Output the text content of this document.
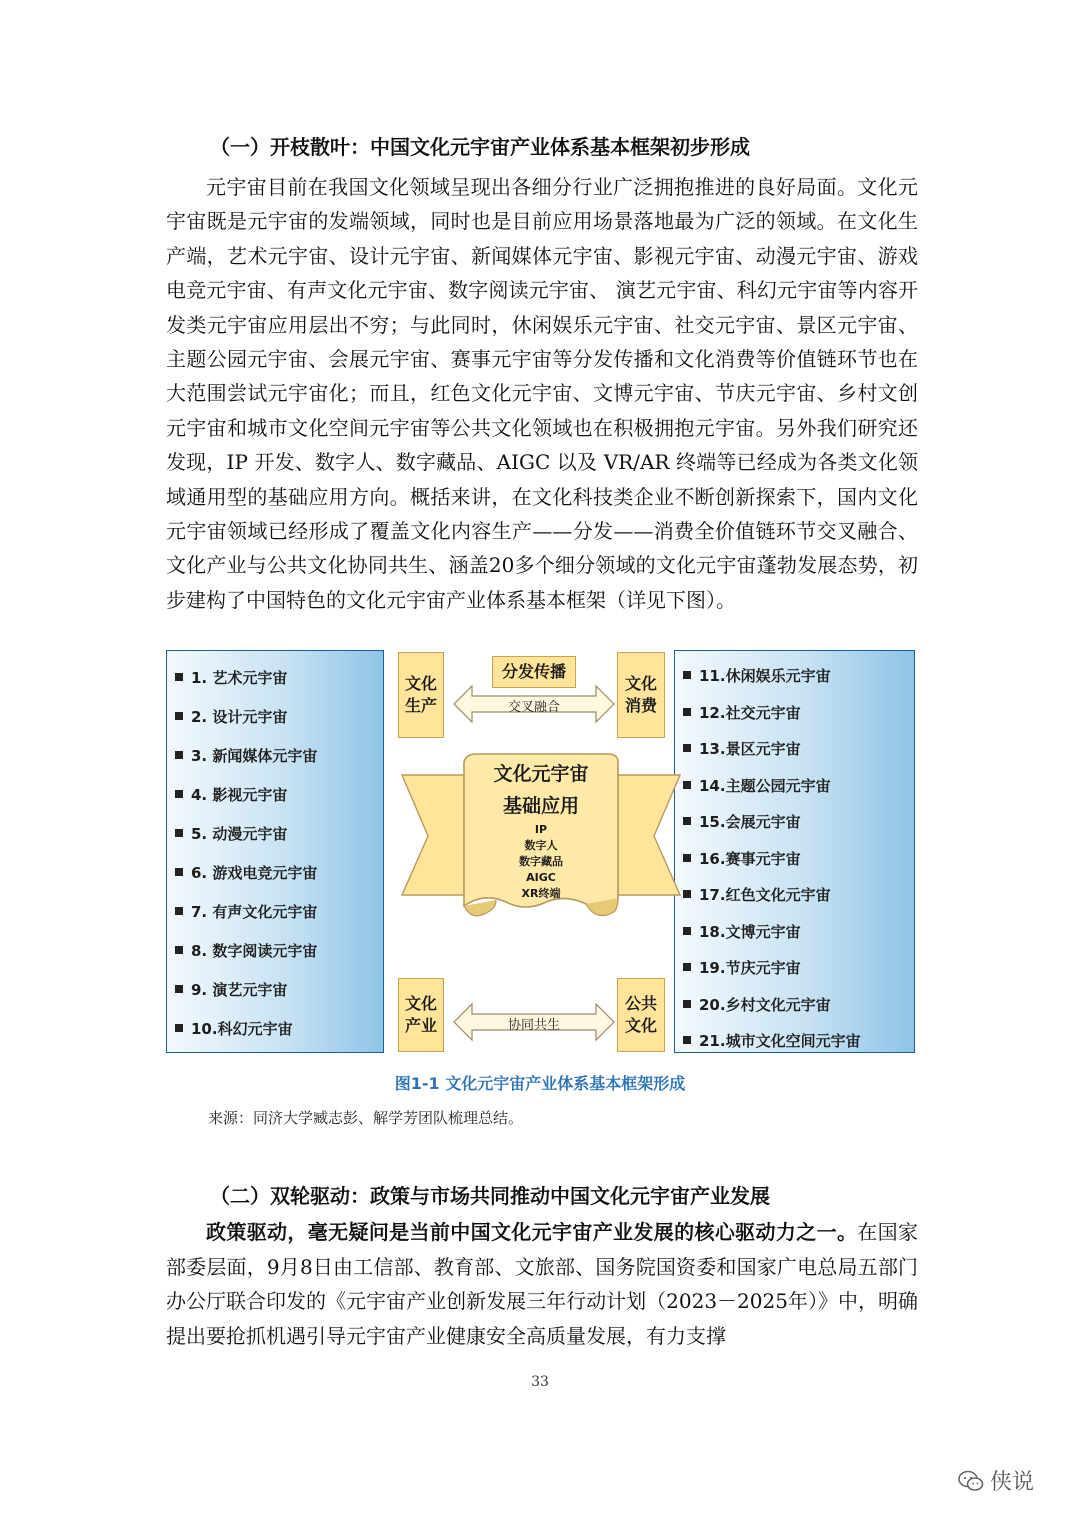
（一）开枝散叶：中国文化元宇宙产业体系基本框架初步形成

元宇宙目前在我国文化领域呈现出各细分行业广泛拥抱推进的良好局面。文化元宇宙既是元宇宙的发端领域，同时也是目前应用场景落地最为广泛的领域。在文化生产端，艺术元宇宙、设计元宇宙、新闻媒体元宇宙、影视元宇宙、动漫元宇宙、游戏电竞元宇宙、有声文化元宇宙、数字阅读元宇宙、 演艺元宇宙、科幻元宇宙等内容开发类元宇宙应用层出不穷；与此同时，休闲娱乐元宇宙、社交元宇宙、景区元宇宙、主题公园元宇宙、会展元宇宙、赛事元宇宙等分发传播和文化消费等价值链环节也在大范围尝试元宇宙化；而且，红色文化元宇宙、文博元宇宙、节庆元宇宙、乡村文创元宇宙和城市文化空间元宇宙等公共文化领域也在积极拥抱元宇宙。另外我们研究还发现，IP 开发、数字人、数字藏品、AIGC 以及 VR/AR 终端等已经成为各类文化领域通用型的基础应用方向。概括来讲，在文化科技类企业不断创新探索下，国内文化元宇宙领域已经形成了覆盖文化内容生产——分发——消费全价值链环节交叉融合、文化产业与公共文化协同共生、涵盖20多个细分领域的文化元宇宙蓬勃发展态势，初步建构了中国特色的文化元宇宙产业体系基本框架（详见下图）。

1. 艺术元宇宙
2. 设计元宇宙
3. 新闻媒体元宇宙
4. 影视元宇宙
5. 动漫元宇宙
6. 游戏电竞元宇宙
7. 有声文化元宇宙
8. 数字阅读元宇宙
9. 演艺元宇宙
10.科幻元宇宙
11.休闲娱乐元宇宙
12.社交元宇宙
13.景区元宇宙
14.主题公园元宇宙
15.会展元宇宙
16.赛事元宇宙
17.红色文化元宇宙
18.文博元宇宙
19.节庆元宇宙
20.乡村文化元宇宙
21.城市文化空间元宇宙
文化
生产
文化
消费
文化
产业
公共
文化
分发传播
交叉融合
协同共生
文化元宇宙
基础应用
IP
数字人
数字藏品
AIGC
XR终端
图1-1 文化元宇宙产业体系基本框架形成
来源：同济大学臧志彭、解学芳团队梳理总结。
（二）双轮驱动：政策与市场共同推动中国文化元宇宙产业发展

政策驱动，毫无疑问是当前中国文化元宇宙产业发展的核心驱动力之一。在国家部委层面，9月8日由工信部、教育部、文旅部、国务院国资委和国家广电总局五部门办公厅联合印发的《元宇宙产业创新发展三年行动计划（2023－2025年）》中，明确提出要抢抓机遇引导元宇宙产业健康安全高质量发展，有力支撑

33
侠说
